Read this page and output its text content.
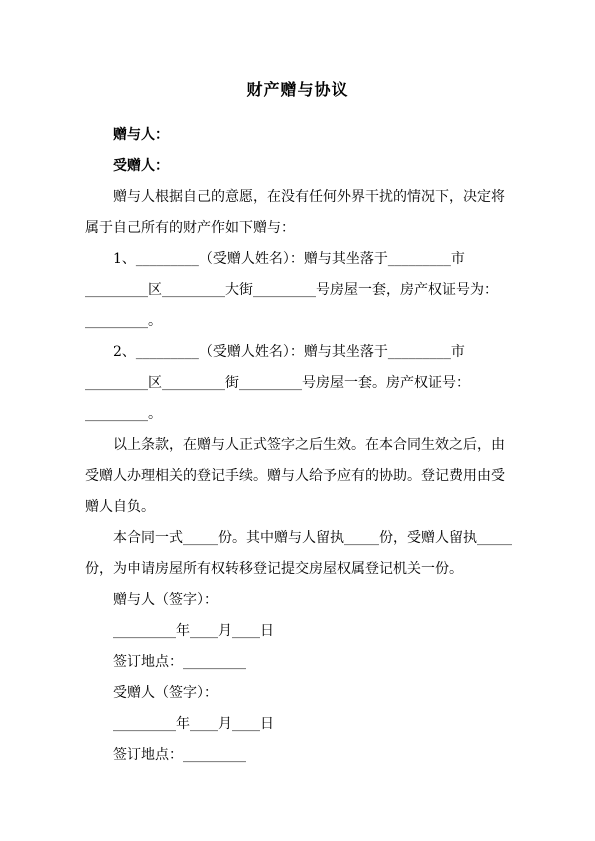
财产赠与协议

赠与人：

受赠人：

赠与人根据自己的意愿，在没有任何外界干扰的情况下，决定将属于自己所有的财产作如下赠与：

1、_________（受赠人姓名）：赠与其坐落于_________市_________区_________大街_________号房屋一套，房产权证号为：  _________。

2、_________（受赠人姓名）：赠与其坐落于_________市_________区_________街_________号房屋一套。房产权证号：  _________。

以上条款，在赠与人正式签字之后生效。在本合同生效之后，由受赠人办理相关的登记手续。赠与人给予应有的协助。登记费用由受赠人自负。

本合同一式_____份。其中赠与人留执_____份，受赠人留执_____份，为申请房屋所有权转移登记提交房屋权属登记机关一份。

赠与人（签字）：

_________年____月____日

签订地点：_________

受赠人（签字）：

_________年____月____日

签订地点：_________
